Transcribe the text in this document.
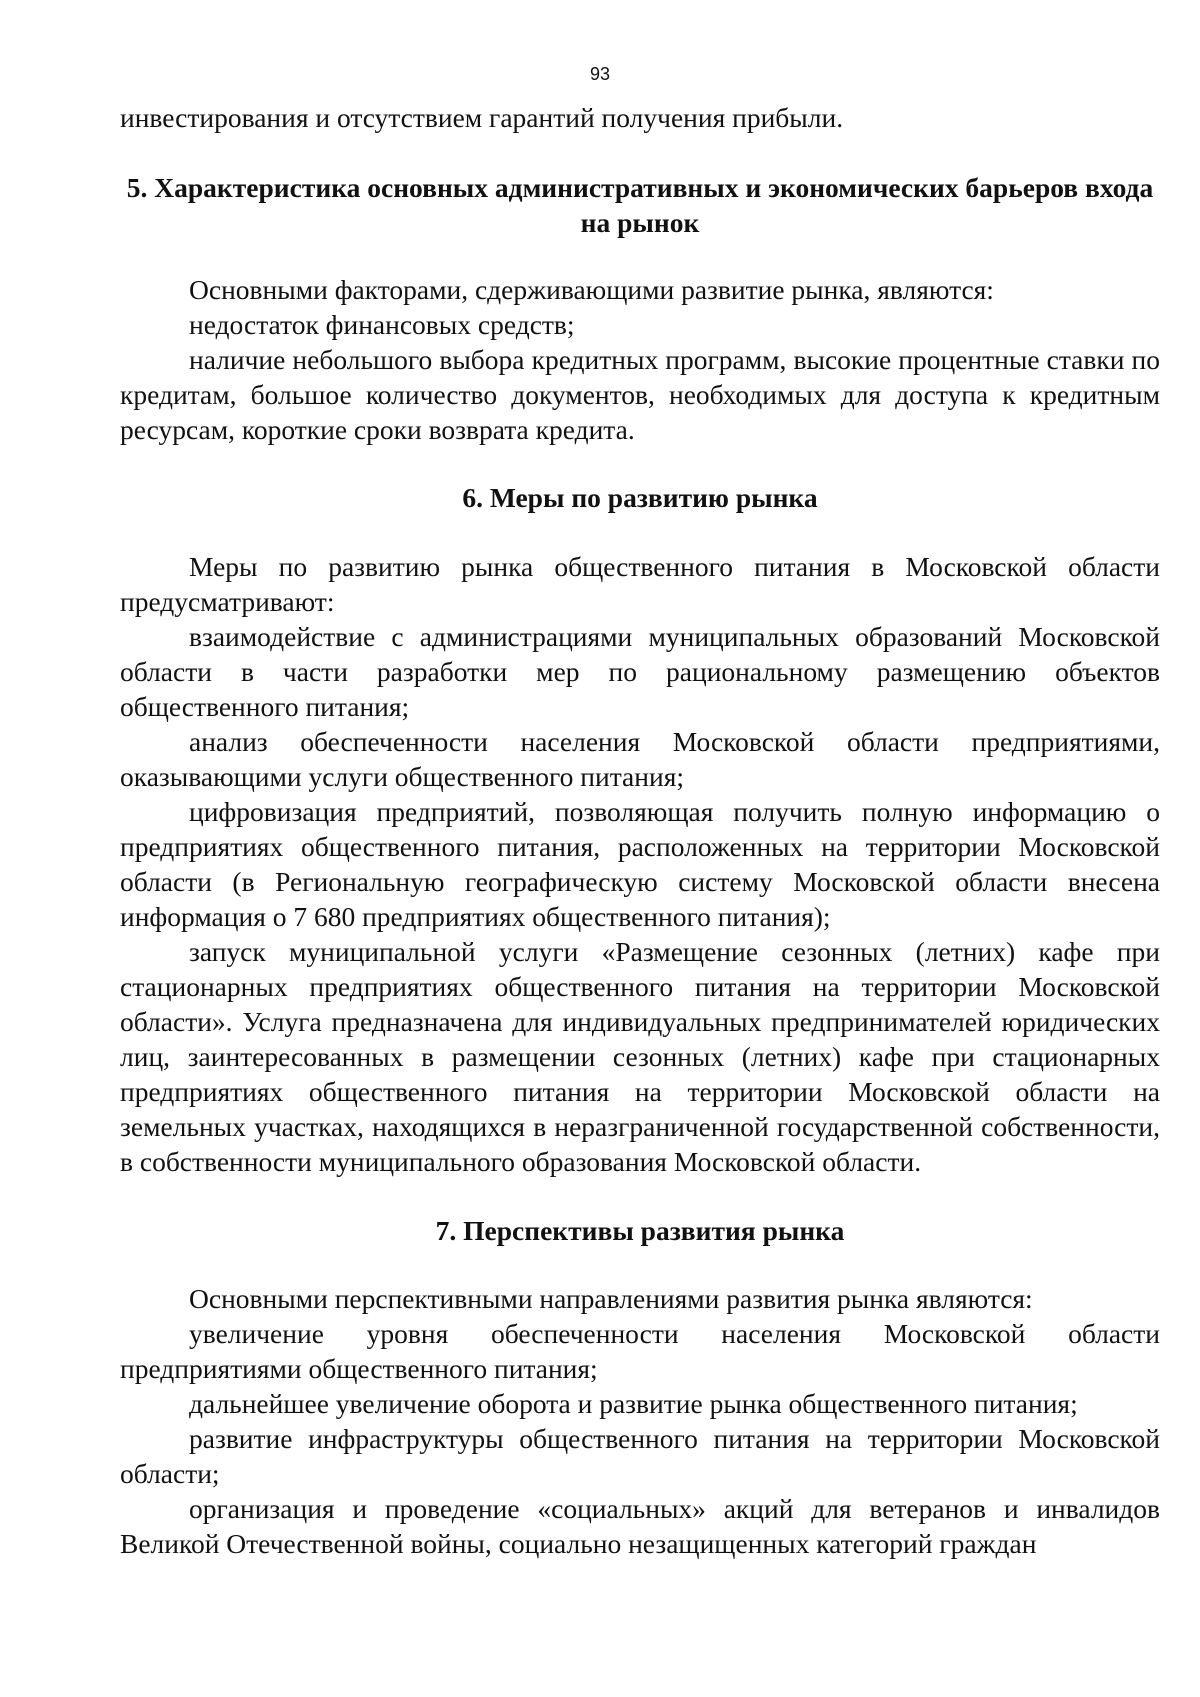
93

инвестирования и отсутствием гарантий получения прибыли.

5. Характеристика основных административных и экономических барьеров входа на рынок

Основными факторами, сдерживающими развитие рынка, являются:

недостаток финансовых средств;

наличие небольшого выбора кредитных программ, высокие процентные ставки по кредитам, большое количество документов, необходимых для доступа к кредитным ресурсам, короткие сроки возврата кредита.

6. Меры по развитию рынка

Меры по развитию рынка общественного питания в Московской области предусматривают:

взаимодействие с администрациями муниципальных образований Московской области в части разработки мер по рациональному размещению объектов общественного питания;

анализ обеспеченности населения Московской области предприятиями, оказывающими услуги общественного питания;

цифровизация предприятий, позволяющая получить полную информацию о предприятиях общественного питания, расположенных на территории Московской области (в Региональную географическую систему Московской области внесена информация о 7 680 предприятиях общественного питания);

запуск муниципальной услуги «Размещение сезонных (летних) кафе при стационарных предприятиях общественного питания на территории Московской области». Услуга предназначена для индивидуальных предпринимателей юридических лиц, заинтересованных в размещении сезонных (летних) кафе при стационарных предприятиях общественного питания на территории Московской области на земельных участках, находящихся в неразграниченной государственной собственности, в собственности муниципального образования Московской области.

7. Перспективы развития рынка

Основными перспективными направлениями развития рынка являются:

увеличение уровня обеспеченности населения Московской области предприятиями общественного питания;

дальнейшее увеличение оборота и развитие рынка общественного питания;

развитие инфраструктуры общественного питания на территории Московской области;

организация и проведение «социальных» акций для ветеранов и инвалидов Великой Отечественной войны, социально незащищенных категорий граждан
